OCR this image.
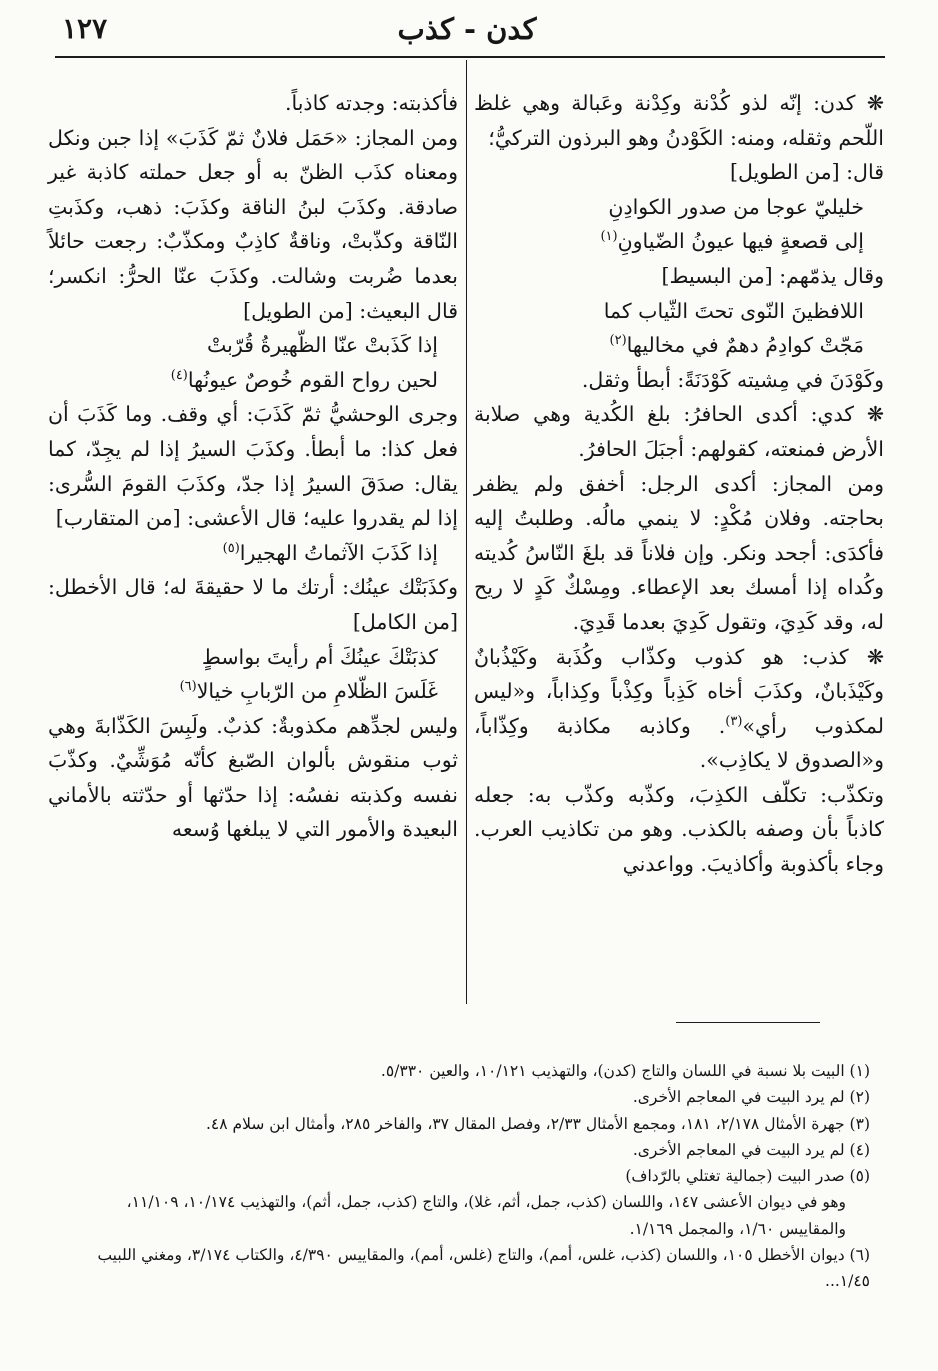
١٢٧	كدن - كذب

❋ كدن: إنّه لذو كُدْنة وكِدْنة وعَبالة وهي غلظ اللّحم وثقله، ومنه: الكَوْدنُ وهو البرذون التركيُّ؛

قال: [من الطويل]

خليليّ عوجا من صدور الكوادِنِ

إلى قصعةٍ فيها عيونُ الضّياونِ$^{(١)}$

وقال يذمّهم: [من البسيط]

اللافظينَ النّوى تحتَ الثّياب كما

مَجّتْ كوادِمُ دهمٌ في مخاليها$^{(٢)}$

وكَوْدَنَ في مِشيته كَوْدَنَةً: أبطأ وثقل.

❋ كدي: أكدى الحافرُ: بلغ الكُدية وهي صلابة الأرض فمنعته، كقولهم: أجبَلَ الحافرُ.

ومن المجاز: أكدى الرجل: أخفق ولم يظفر بحاجته. وفلان مُكْدٍ: لا ينمي مالُه. وطلبتُ إليه فأكدَى: أجحد ونكر. وإن فلاناً قد بلغَ النّاسُ كُديته وكُداه إذا أمسك بعد الإعطاء. ومِسْكٌ كَدٍ لا ريح له، وقد كَدِيَ، وتقول كَدِيَ بعدما قَدِيَ.

❋ كذب: هو كذوب وكذّاب وكُذَبة وكَيْذُبانٌ وكَيْذَبانٌ، وكذَبَ أخاه كَذِباً وكِذْباً وكِذاباً، و«ليس لمكذوب رأي»$^{(٣)}$. وكاذبه مكاذبة وكِذّاباً، و«الصدوق لا يكاذِب».

وتكذّب: تكلّف الكذِبَ، وكذّبه وكذّب به: جعله كاذباً بأن وصفه بالكذب. وهو من تكاذيب العرب. وجاء بأكذوبة وأكاذيبَ. وواعدني

فأكذبته: وجدته كاذباً.

ومن المجاز: «حَمَل فلانٌ ثمّ كَذَبَ» إذا جبن ونكل ومعناه كذَب الظنّ به أو جعل حملته كاذبة غير صادقة. وكذَبَ لبنُ الناقة وكذَبَ: ذهب، وكذَبتِ النّاقة وكذّبتْ، وناقةٌ كاذِبٌ ومكذّبٌ: رجعت حائلاً بعدما ضُربت وشالت. وكذَبَ عنّا الحرُّ: انكسر؛ قال البعيث: [من الطويل]

إذا كَذَبتْ عنّا الظّهيرةُ قُرّبتْ

لحين رواح القوم خُوصٌ عيونُها$^{(٤)}$

وجرى الوحشيُّ ثمّ كَذَبَ: أي وقف. وما كَذَبَ أن فعل كذا: ما أبطأ. وكذَبَ السيرُ إذا لم يجِدّ، كما يقال: صدَقَ السيرُ إذا جدّ، وكذَبَ القومَ السُّرى: إذا لم يقدروا عليه؛ قال الأعشى: [من المتقارب]

إذا كَذَبَ الآثماتُ الهجيرا$^{(٥)}$

وكذَبَتْك عينُك: أرتك ما لا حقيقةَ له؛ قال الأخطل: [من الكامل]

كذبَتْكَ عينُكَ أم رأيتَ بواسطٍ

غَلَسَ الظّلامِ من الرّبابِ خيالا$^{(٦)}$

وليس لجدِّهم مكذوبةٌ: كذبٌ. ولَبِسَ الكَذّابةَ وهي ثوب منقوش بألوان الصّبغ كأنّه مُوَشِّيٌ. وكذّبَ نفسه وكذبته نفسُه: إذا حدّثها أو حدّثته بالأماني البعيدة والأمور التي لا يبلغها وُسعه

(١) البيت بلا نسبة في اللسان والتاج (كدن)، والتهذيب ١٠/١٢١، والعين ٥/٣٣٠.

(٢) لم يرد البيت في المعاجم الأخرى.

(٣) جهرة الأمثال ٢/١٧٨، ١٨١، ومجمع الأمثال ٢/٣٣، وفصل المقال ٣٧، والفاخر ٢٨٥، وأمثال ابن سلام ٤٨.

(٤) لم يرد البيت في المعاجم الأخرى.

(٥) صدر البيت (جمالية تغتلي بالرّداف)

وهو في ديوان الأعشى ١٤٧، واللسان (كذب، جمل، أثم، غلا)، والتاج (كذب، جمل، أثم)، والتهذيب ١٠/١٧٤، ١١/١٠٩، والمقاييس ١/٦٠، والمجمل ١/١٦٩.

(٦) ديوان الأخطل ١٠٥، واللسان (كذب، غلس، أمم)، والتاج (غلس، أمم)، والمقاييس ٤/٣٩٠، والكتاب ٣/١٧٤، ومغني اللبيب ١/٤٥...
